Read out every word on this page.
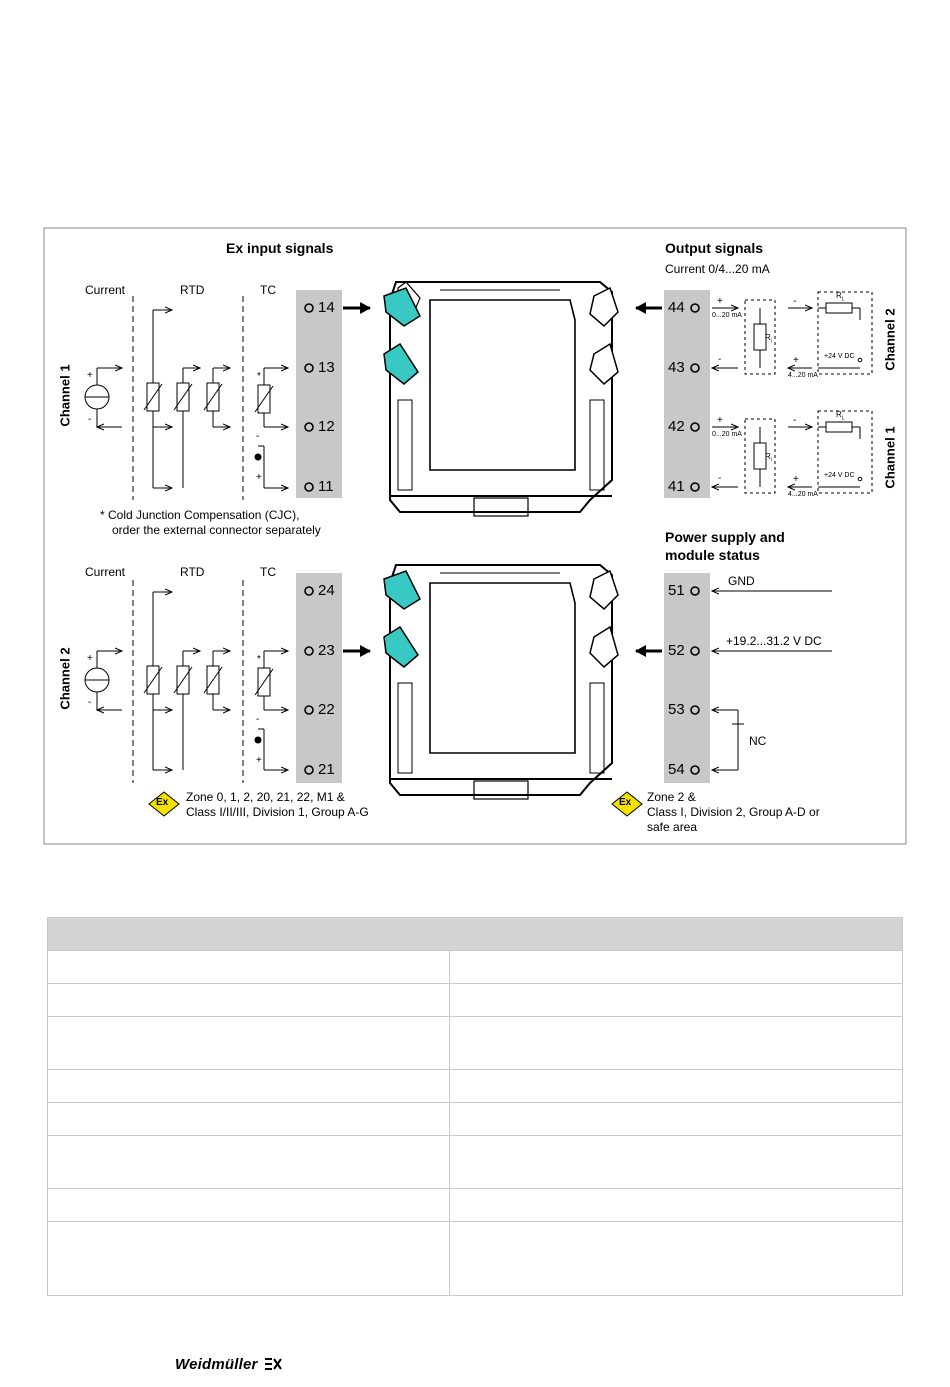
Ex input signals	Output signals
Current 0/4...20 mA
Current	RTD	TC
Current	RTD	TC
Channel 1
Channel 2
Channel 2
Channel 1
14
13
12
11
24
23
22
21
44
43
42
41
51
52
53
54
* Cold Junction Compensation (CJC),
order the external connector separately	Power supply and
module status
GND
+19.2...31.2 V DC
NC
0...20 mA
4...20 mA
+24 V DC
$R_i$
$R_L$
0...20 mA
4...20 mA
+24 V DC
$R_i$
$R_L$
+
-
+
-
*
*
-
+
-
+
+
-
+
-
-
+
-
+
Ex	Ex
Zone 0, 1, 2, 20, 21, 22, M1 &
Class I/II/III, Division 1, Group A-G
Zone 2 &
Class I, Division 2, Group A-D or
safe area

Weidmüller
